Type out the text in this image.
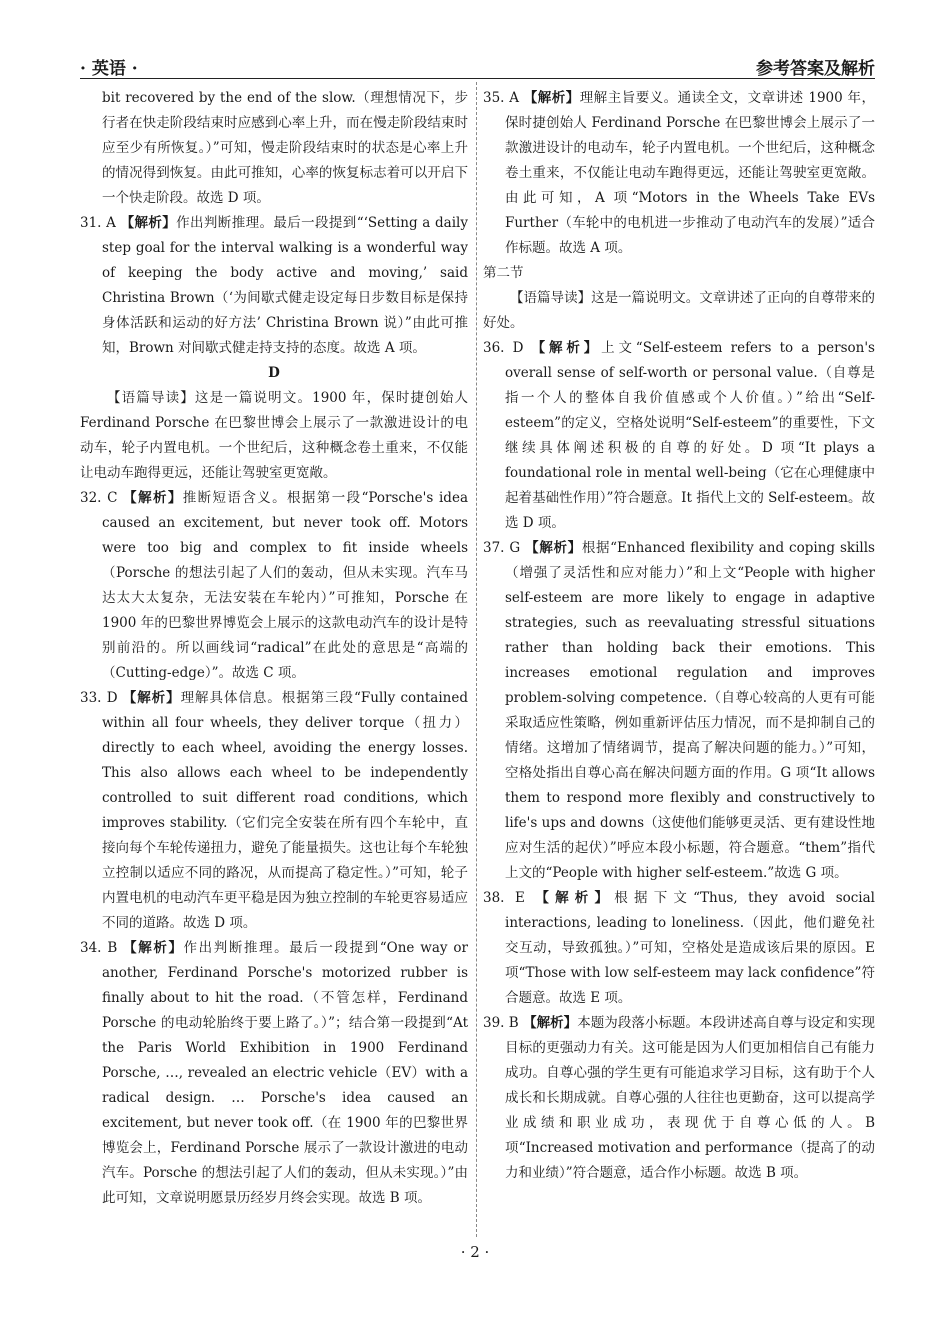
· 英语 ·	参考答案及解析

bit recovered by the end of the slow.（理想情况下，步行者在快走阶段结束时应感到心率上升，而在慢走阶段结束时应至少有所恢复。）”可知，慢走阶段结束时的状态是心率上升的情况得到恢复。由此可推知，心率的恢复标志着可以开启下一个快走阶段。故选 D 项。

31. A 【解析】作出判断推理。最后一段提到“‘Setting a daily step goal for the interval walking is a wonderful way of keeping the body active and moving,’ said Christina Brown（‘为间歇式健走设定每日步数目标是保持身体活跃和运动的好方法’ Christina Brown 说）”由此可推知，Brown 对间歇式健走持支持的态度。故选 A 项。

D

【语篇导读】这是一篇说明文。1900 年，保时捷创始人 Ferdinand Porsche 在巴黎世博会上展示了一款激进设计的电动车，轮子内置电机。一个世纪后，这种概念卷土重来，不仅能让电动车跑得更远，还能让驾驶室更宽敞。

32. C 【解析】推断短语含义。根据第一段“Porsche's idea caused an excitement, but never took off. Motors were too big and complex to fit inside wheels（Porsche 的想法引起了人们的轰动，但从未实现。汽车马达太大太复杂，无法安装在车轮内）”可推知，Porsche 在 1900 年的巴黎世界博览会上展示的这款电动汽车的设计是特别前沿的。所以画线词“radical”在此处的意思是“高端的（Cutting-edge）”。故选 C 项。

33. D 【解析】理解具体信息。根据第三段“Fully contained within all four wheels, they deliver torque（扭力）directly to each wheel, avoiding the energy losses. This also allows each wheel to be independently controlled to suit different road conditions, which improves stability.（它们完全安装在所有四个车轮中，直接向每个车轮传递扭力，避免了能量损失。这也让每个车轮独立控制以适应不同的路况，从而提高了稳定性。）”可知，轮子内置电机的电动汽车更平稳是因为独立控制的车轮更容易适应不同的道路。故选 D 项。

34. B 【解析】作出判断推理。最后一段提到“One way or another, Ferdinand Porsche's motorized rubber is finally about to hit the road.（不管怎样，Ferdinand Porsche 的电动轮胎终于要上路了。）”；结合第一段提到“At the Paris World Exhibition in 1900 Ferdinand Porsche, …, revealed an electric vehicle（EV）with a radical design. … Porsche's idea caused an excitement, but never took off.（在 1900 年的巴黎世界博览会上，Ferdinand Porsche 展示了一款设计激进的电动汽车。Porsche 的想法引起了人们的轰动，但从未实现。）”由此可知，文章说明愿景历经岁月终会实现。故选 B 项。

35. A 【解析】理解主旨要义。通读全文，文章讲述 1900 年，保时捷创始人 Ferdinand Porsche 在巴黎世博会上展示了一款激进设计的电动车，轮子内置电机。一个世纪后，这种概念卷土重来，不仅能让电动车跑得更远，还能让驾驶室更宽敞。由此可知，A 项“Motors in the Wheels Take EVs Further（车轮中的电机进一步推动了电动汽车的发展）”适合作标题。故选 A 项。

第二节

【语篇导读】这是一篇说明文。文章讲述了正向的自尊带来的好处。

36. D 【解析】上文“Self-esteem refers to a person's overall sense of self-worth or personal value.（自尊是指一个人的整体自我价值感或个人价值。）”给出“Self-esteem”的定义，空格处说明“Self-esteem”的重要性，下文继续具体阐述积极的自尊的好处。D 项“It plays a foundational role in mental well-being（它在心理健康中起着基础性作用）”符合题意。It 指代上文的 Self-esteem。故选 D 项。

37. G 【解析】根据“Enhanced flexibility and coping skills（增强了灵活性和应对能力）”和上文“People with higher self-esteem are more likely to engage in adaptive strategies, such as reevaluating stressful situations rather than holding back their emotions. This increases emotional regulation and improves problem-solving competence.（自尊心较高的人更有可能采取适应性策略，例如重新评估压力情况，而不是抑制自己的情绪。这增加了情绪调节，提高了解决问题的能力。）”可知，空格处指出自尊心高在解决问题方面的作用。G 项“It allows them to respond more flexibly and constructively to life's ups and downs（这使他们能够更灵活、更有建设性地应对生活的起伏）”呼应本段小标题，符合题意。“them”指代上文的“People with higher self-esteem.”故选 G 项。

38. E 【解析】根据下文“Thus, they avoid social interactions, leading to loneliness.（因此，他们避免社交互动，导致孤独。）”可知，空格处是造成该后果的原因。E 项“Those with low self-esteem may lack confidence”符合题意。故选 E 项。

39. B 【解析】本题为段落小标题。本段讲述高自尊与设定和实现目标的更强动力有关。这可能是因为人们更加相信自己有能力成功。自尊心强的学生更有可能追求学习目标，这有助于个人成长和长期成就。自尊心强的人往往也更勤奋，这可以提高学业成绩和职业成功，表现优于自尊心低的人。B 项“Increased motivation and performance（提高了的动力和业绩）”符合题意，适合作小标题。故选 B 项。

· 2 ·
